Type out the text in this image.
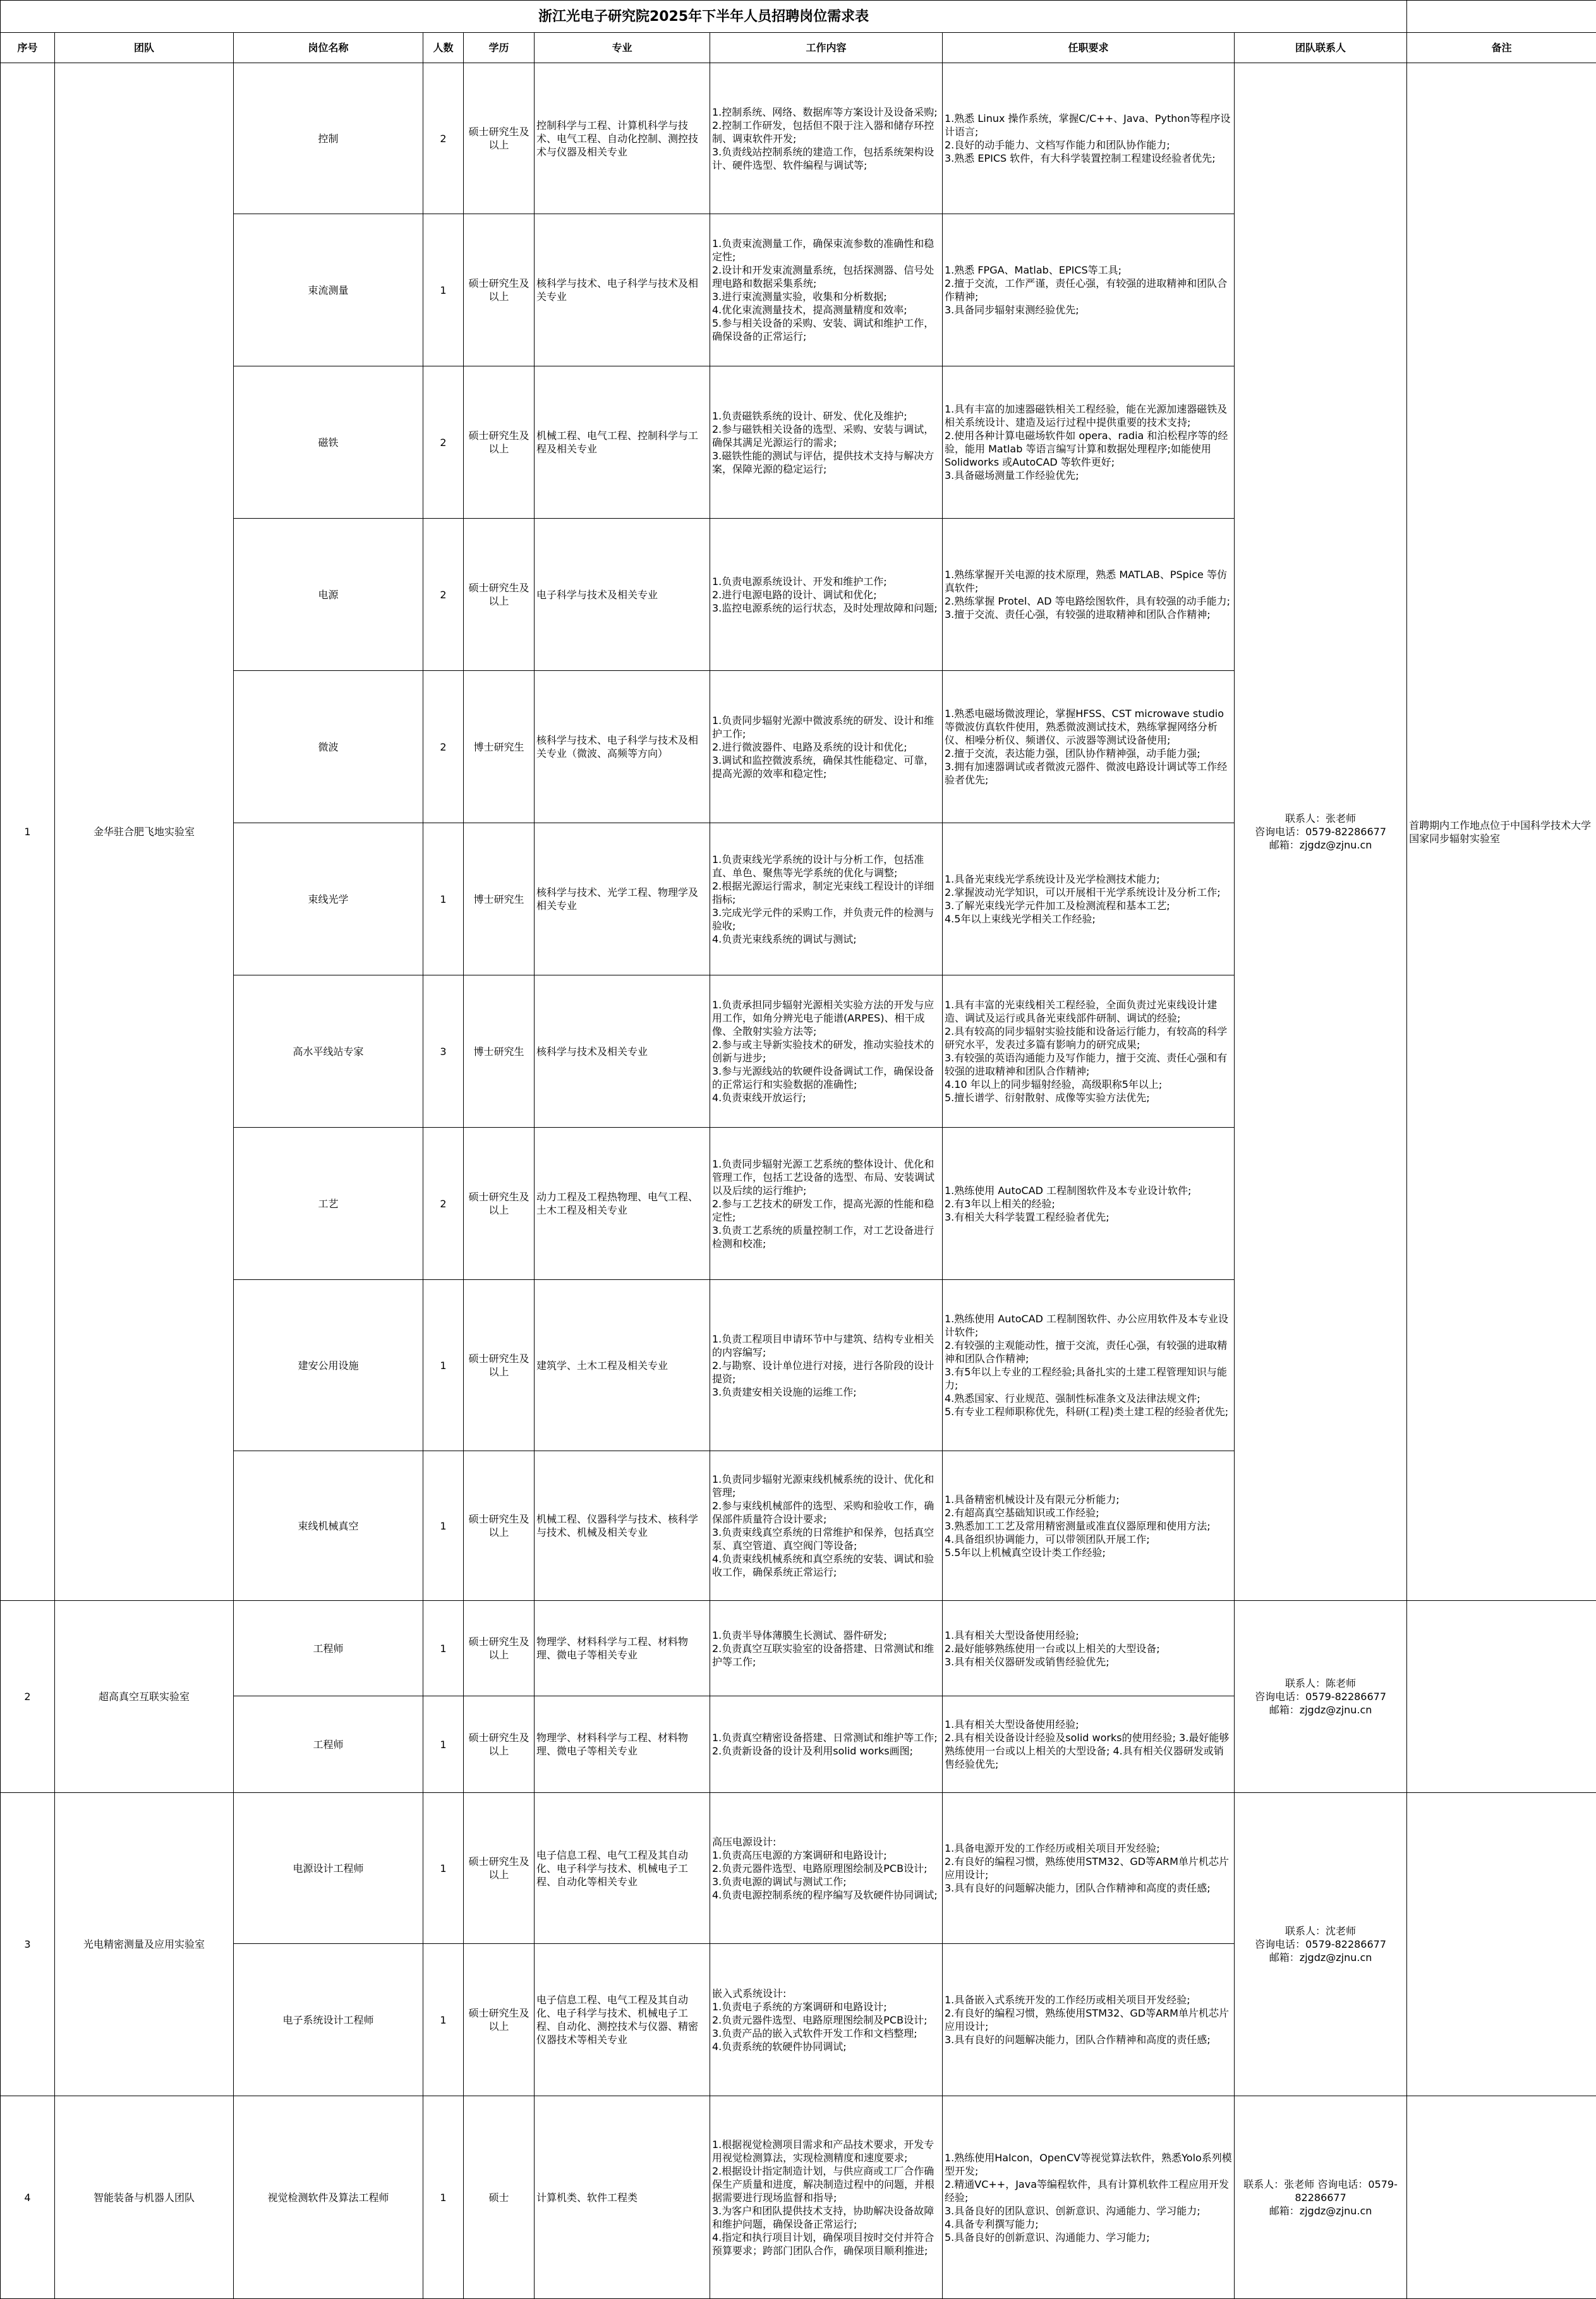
浙江光电子研究院2025年下半年人员招聘岗位需求表									
序号	团队	岗位名称	人数	学历	专业	工作内容	任职要求	团队联系人	备注
1	金华驻合肥飞地实验室	控制	2	硕士研究生及以上	控制科学与工程、计算机科学与技术、电气工程、自动化控制、测控技术与仪器及相关专业	1.控制系统、网络、数据库等方案设计及设备采购;
2.控制工作研发，包括但不限于注入器和储存环控制、调束软件开发;
3.负责线站控制系统的建造工作，包括系统架构设计、硬件选型、软件编程与调试等;	1.熟悉 Linux 操作系统，掌握C/C++、Java、Python等程序设计语言;
2.良好的动手能力、文档写作能力和团队协作能力;
3.熟悉 EPICS 软件，有大科学装置控制工程建设经验者优先;	联系人：张老师
咨询电话：0579-82286677
邮箱：zjgdz@zjnu.cn	首聘期内工作地点位于中国科学技术大学国家同步辐射实验室
		束流测量	1	硕士研究生及以上	核科学与技术、电子科学与技术及相关专业	1.负责束流测量工作，确保束流参数的准确性和稳定性;
2.设计和开发束流测量系统，包括探测器、信号处理电路和数据采集系统;
3.进行束流测量实验，收集和分析数据;
4.优化束流测量技术，提高测量精度和效率;
5.参与相关设备的采购、安装、调试和维护工作，确保设备的正常运行;	1.熟悉 FPGA、Matlab、EPICS等工具;
2.擅于交流，工作严谨，责任心强，有较强的进取精神和团队合作精神;
3.具备同步辐射束测经验优先;		
		磁铁	2	硕士研究生及以上	机械工程、电气工程、控制科学与工程及相关专业	1.负责磁铁系统的设计、研发、优化及维护;
2.参与磁铁相关设备的选型、采购、安装与调试，确保其满足光源运行的需求;
3.磁铁性能的测试与评估，提供技术支持与解决方案，保障光源的稳定运行;	1.具有丰富的加速器磁铁相关工程经验，能在光源加速器磁铁及相关系统设计、建造及运行过程中提供重要的技术支持;
2.使用各种计算电磁场软件如 opera、radia 和泊松程序等的经验，能用 Matlab 等语言编写计算和数据处理程序;如能使用 Solidworks 或AutoCAD 等软件更好;
3.具备磁场测量工作经验优先;		
		电源	2	硕士研究生及以上	电子科学与技术及相关专业	1.负责电源系统设计、开发和维护工作;
2.进行电源电路的设计、调试和优化;
3.监控电源系统的运行状态，及时处理故障和问题;	1.熟练掌握开关电源的技术原理，熟悉 MATLAB、PSpice 等仿真软件;
2.熟练掌握 Protel、AD 等电路绘图软件，具有较强的动手能力; 3.擅于交流、责任心强，有较强的进取精神和团队合作精神;		
		微波	2	博士研究生	核科学与技术、电子科学与技术及相关专业（微波、高频等方向）	1.负责同步辐射光源中微波系统的研发、设计和维护工作;
2.进行微波器件、电路及系统的设计和优化;
3.调试和监控微波系统，确保其性能稳定、可靠，提高光源的效率和稳定性;	1.熟悉电磁场微波理论，掌握HFSS、CST microwave studio等微波仿真软件使用，熟悉微波测试技术，熟练掌握网络分析仪、相噪分析仪、频谱仪、示波器等测试设备使用;
2.擅于交流，表达能力强，团队协作精神强，动手能力强;
3.拥有加速器调试或者微波元器件、微波电路设计调试等工作经验者优先;		
		束线光学	1	博士研究生	核科学与技术、光学工程、物理学及相关专业	1.负责束线光学系统的设计与分析工作，包括准直、单色、聚焦等光学系统的优化与调整;
2.根据光源运行需求，制定光束线工程设计的详细指标;
3.完成光学元件的采购工作，并负责元件的检测与验收;
4.负责光束线系统的调试与测试;	1.具备光束线光学系统设计及光学检测技术能力;
2.掌握波动光学知识，可以开展相干光学系统设计及分析工作; 3.了解光束线光学元件加工及检测流程和基本工艺;
4.5年以上束线光学相关工作经验;		
		高水平线站专家	3	博士研究生	核科学与技术及相关专业	1.负责承担同步辐射光源相关实验方法的开发与应用工作，如角分辨光电子能谱(ARPES)、相干成像、全散射实验方法等;
2.参与或主导新实验技术的研发，推动实验技术的创新与进步;
3.参与光源线站的软硬件设备调试工作，确保设备的正常运行和实验数据的准确性;
4.负责束线开放运行;	1.具有丰富的光束线相关工程经验，全面负责过光束线设计建造、调试及运行或具备光束线部件研制、调试的经验;
2.具有较高的同步辐射实验技能和设备运行能力，有较高的科学研究水平，发表过多篇有影响力的研究成果;
3.有较强的英语沟通能力及写作能力，擅于交流、责任心强和有较强的进取精神和团队合作精神;
4.10 年以上的同步辐射经验，高级职称5年以上;
5.擅长谱学、衍射散射、成像等实验方法优先;		
		工艺	2	硕士研究生及以上	动力工程及工程热物理、电气工程、土木工程及相关专业	1.负责同步辐射光源工艺系统的整体设计、优化和管理工作，包括工艺设备的选型、布局、安装调试以及后续的运行维护;
2.参与工艺技术的研发工作，提高光源的性能和稳定性;
3.负责工艺系统的质量控制工作，对工艺设备进行检测和校准;	1.熟练使用 AutoCAD 工程制图软件及本专业设计软件;
2.有3年以上相关的经验;
3.有相关大科学装置工程经验者优先;		
		建安公用设施	1	硕士研究生及以上	建筑学、土木工程及相关专业	1.负责工程项目申请环节中与建筑、结构专业相关的内容编写;
2.与勘察、设计单位进行对接，进行各阶段的设计提资;
3.负责建安相关设施的运维工作;	1.熟练使用 AutoCAD 工程制图软件、办公应用软件及本专业设计软件;
2.有较强的主观能动性，擅于交流，责任心强，有较强的进取精神和团队合作精神;
3.有5年以上专业的工程经验;具备扎实的土建工程管理知识与能力;
4.熟悉国家、行业规范、强制性标准条文及法律法规文件;
5.有专业工程师职称优先，科研(工程)类土建工程的经验者优先;		
		束线机械真空	1	硕士研究生及以上	机械工程、仪器科学与技术、核科学与技术、机械及相关专业	1.负责同步辐射光源束线机械系统的设计、优化和管理;
2.参与束线机械部件的选型、采购和验收工作，确保部件质量符合设计要求;
3.负责束线真空系统的日常维护和保养，包括真空泵、真空管道、真空阀门等设备;
4.负责束线机械系统和真空系统的安装、调试和验收工作，确保系统正常运行;	1.具备精密机械设计及有限元分析能力;
2.有超高真空基础知识或工作经验;
3.熟悉加工工艺及常用精密测量或准直仪器原理和使用方法;
4.具备组织协调能力，可以带领团队开展工作;
5.5年以上机械真空设计类工作经验;		
2	超高真空互联实验室	工程师	1	硕士研究生及以上	物理学、材料科学与工程、材料物理、微电子等相关专业	1.负责半导体薄膜生长测试、器件研发;
2.负责真空互联实验室的设备搭建、日常测试和维护等工作;	1.具有相关大型设备使用经验;
2.最好能够熟练使用一台或以上相关的大型设备;
3.具有相关仪器研发或销售经验优先;	联系人：陈老师
咨询电话：0579-82286677
邮箱：zjgdz@zjnu.cn	
		工程师	1	硕士研究生及以上	物理学、材料科学与工程、材料物理、微电子等相关专业	1.负责真空精密设备搭建、日常测试和维护等工作;
2.负责新设备的设计及利用solid works画图;	1.具有相关大型设备使用经验;
2.具有相关设备设计经验及solid works的使用经验; 3.最好能够熟练使用一台或以上相关的大型设备; 4.具有相关仪器研发或销售经验优先;		
3	光电精密测量及应用实验室	电源设计工程师	1	硕士研究生及以上	电子信息工程、电气工程及其自动化、电子科学与技术、机械电子工程、自动化等相关专业	高压电源设计:
1.负责高压电源的方案调研和电路设计;
2.负责元器件选型、电路原理图绘制及PCB设计;
3.负责电源的调试与测试工作;
4.负责电源控制系统的程序编写及软硬件协同调试;	1.具备电源开发的工作经历或相关项目开发经验;
2.有良好的编程习惯，熟练使用STM32、GD等ARM单片机芯片应用设计;
3.具有良好的问题解决能力，团队合作精神和高度的责任感;	联系人：沈老师
咨询电话：0579-82286677
邮箱：zjgdz@zjnu.cn	
		电子系统设计工程师	1	硕士研究生及以上	电子信息工程、电气工程及其自动化、电子科学与技术、机械电子工程、自动化、测控技术与仪器、精密仪器技术等相关专业	嵌入式系统设计:
1.负责电子系统的方案调研和电路设计;
2.负责元器件选型、电路原理图绘制及PCB设计;
3.负责产品的嵌入式软件开发工作和文档整理;
4.负责系统的软硬件协同调试;	1.具备嵌入式系统开发的工作经历或相关项目开发经验;
2.有良好的编程习惯，熟练使用STM32、GD等ARM单片机芯片应用设计;
3.具有良好的问题解决能力，团队合作精神和高度的责任感;		
4	智能装备与机器人团队	视觉检测软件及算法工程师	1	硕士	计算机类、软件工程类	1.根据视觉检测项目需求和产品技术要求，开发专用视觉检测算法，实现检测精度和速度要求;
2.根据设计指定制造计划，与供应商或工厂合作确保生产质量和进度，解决制造过程中的问题，并根据需要进行现场监督和指导;
3.为客户和团队提供技术支持，协助解决设备故障和维护问题，确保设备正常运行;
4.指定和执行项目计划，确保项目按时交付并符合预算要求；跨部门团队合作，确保项目顺利推进;	1.熟练使用Halcon，OpenCV等视觉算法软件，熟悉Yolo系列模型开发;
2.精通VC++，Java等编程软件，具有计算机软件工程应用开发经验;
3.具备良好的团队意识、创新意识、沟通能力、学习能力;
4.具备专利撰写能力;
5.具备良好的创新意识、沟通能力、学习能力;	联系人：张老师 咨询电话：0579-82286677
邮箱：zjgdz@zjnu.cn	
